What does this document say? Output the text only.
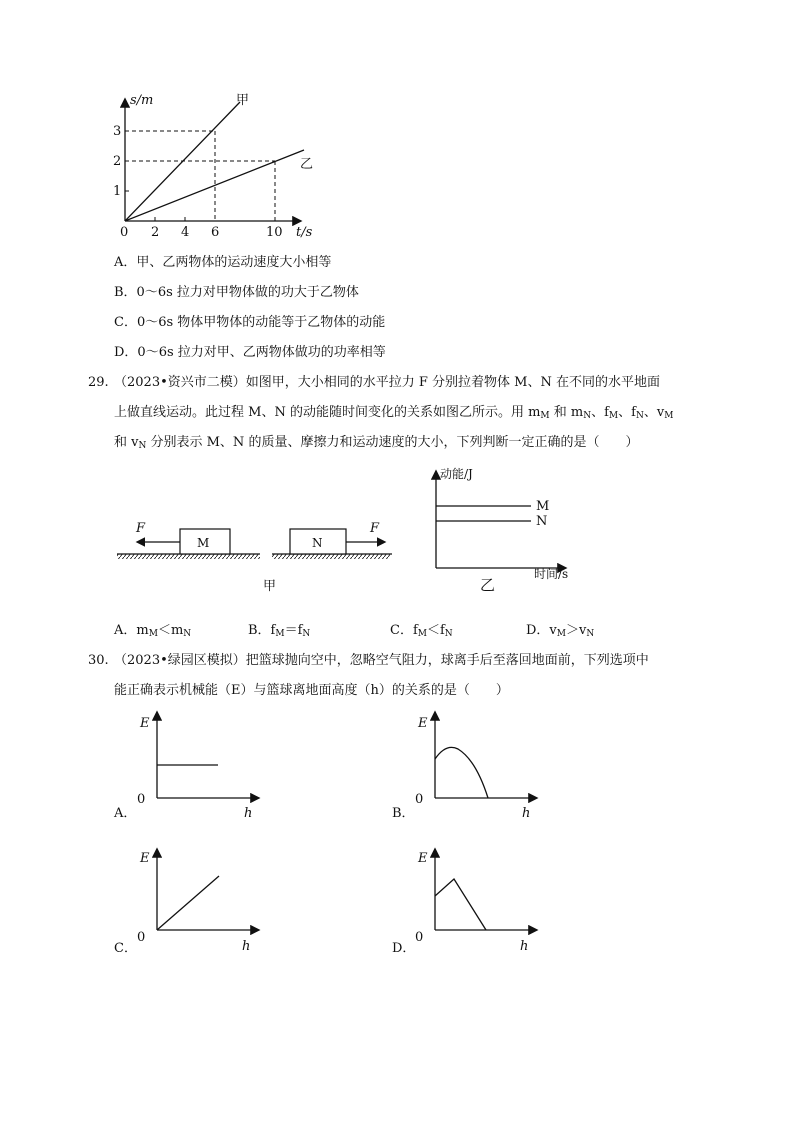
s/m
t/s
0
1
2
3
2 4 6	10
甲
乙
A．甲、乙两物体的运动速度大小相等
B．0～6s 拉力对甲物体做的功大于乙物体
C．0～6s 物体甲物体的动能等于乙物体的动能
D．0～6s 拉力对甲、乙两物体做功的功率相等
29. （2023•资兴市二模）如图甲，大小相同的水平拉力 F 分别拉着物体 M、N 在不同的水平地面
上做直线运动。此过程 M、N 的动能随时间变化的关系如图乙所示。用 $m_M$ 和 $m_N$、$f_M$、$f_N$、$v_M$
和 $v_N$ 分别表示 M、N 的质量、摩擦力和运动速度的大小，下列判断一定正确的是（　　）
M
F
N
F
甲
动能/J
时间/s
M
N
乙
A．$m_M<m_N$	B．$f_M=f_N$	C．$f_M<f_N$	D．$v_M>v_N$
30. （2023•绿园区模拟）把篮球抛向空中，忽略空气阻力，球离手后至落回地面前，下列选项中
能正确表示机械能（E）与篮球离地面高度（h）的关系的是（　　）
E
h
0
A．
E
h
0
B．
E
h
0
C．
E
h
0
D．
